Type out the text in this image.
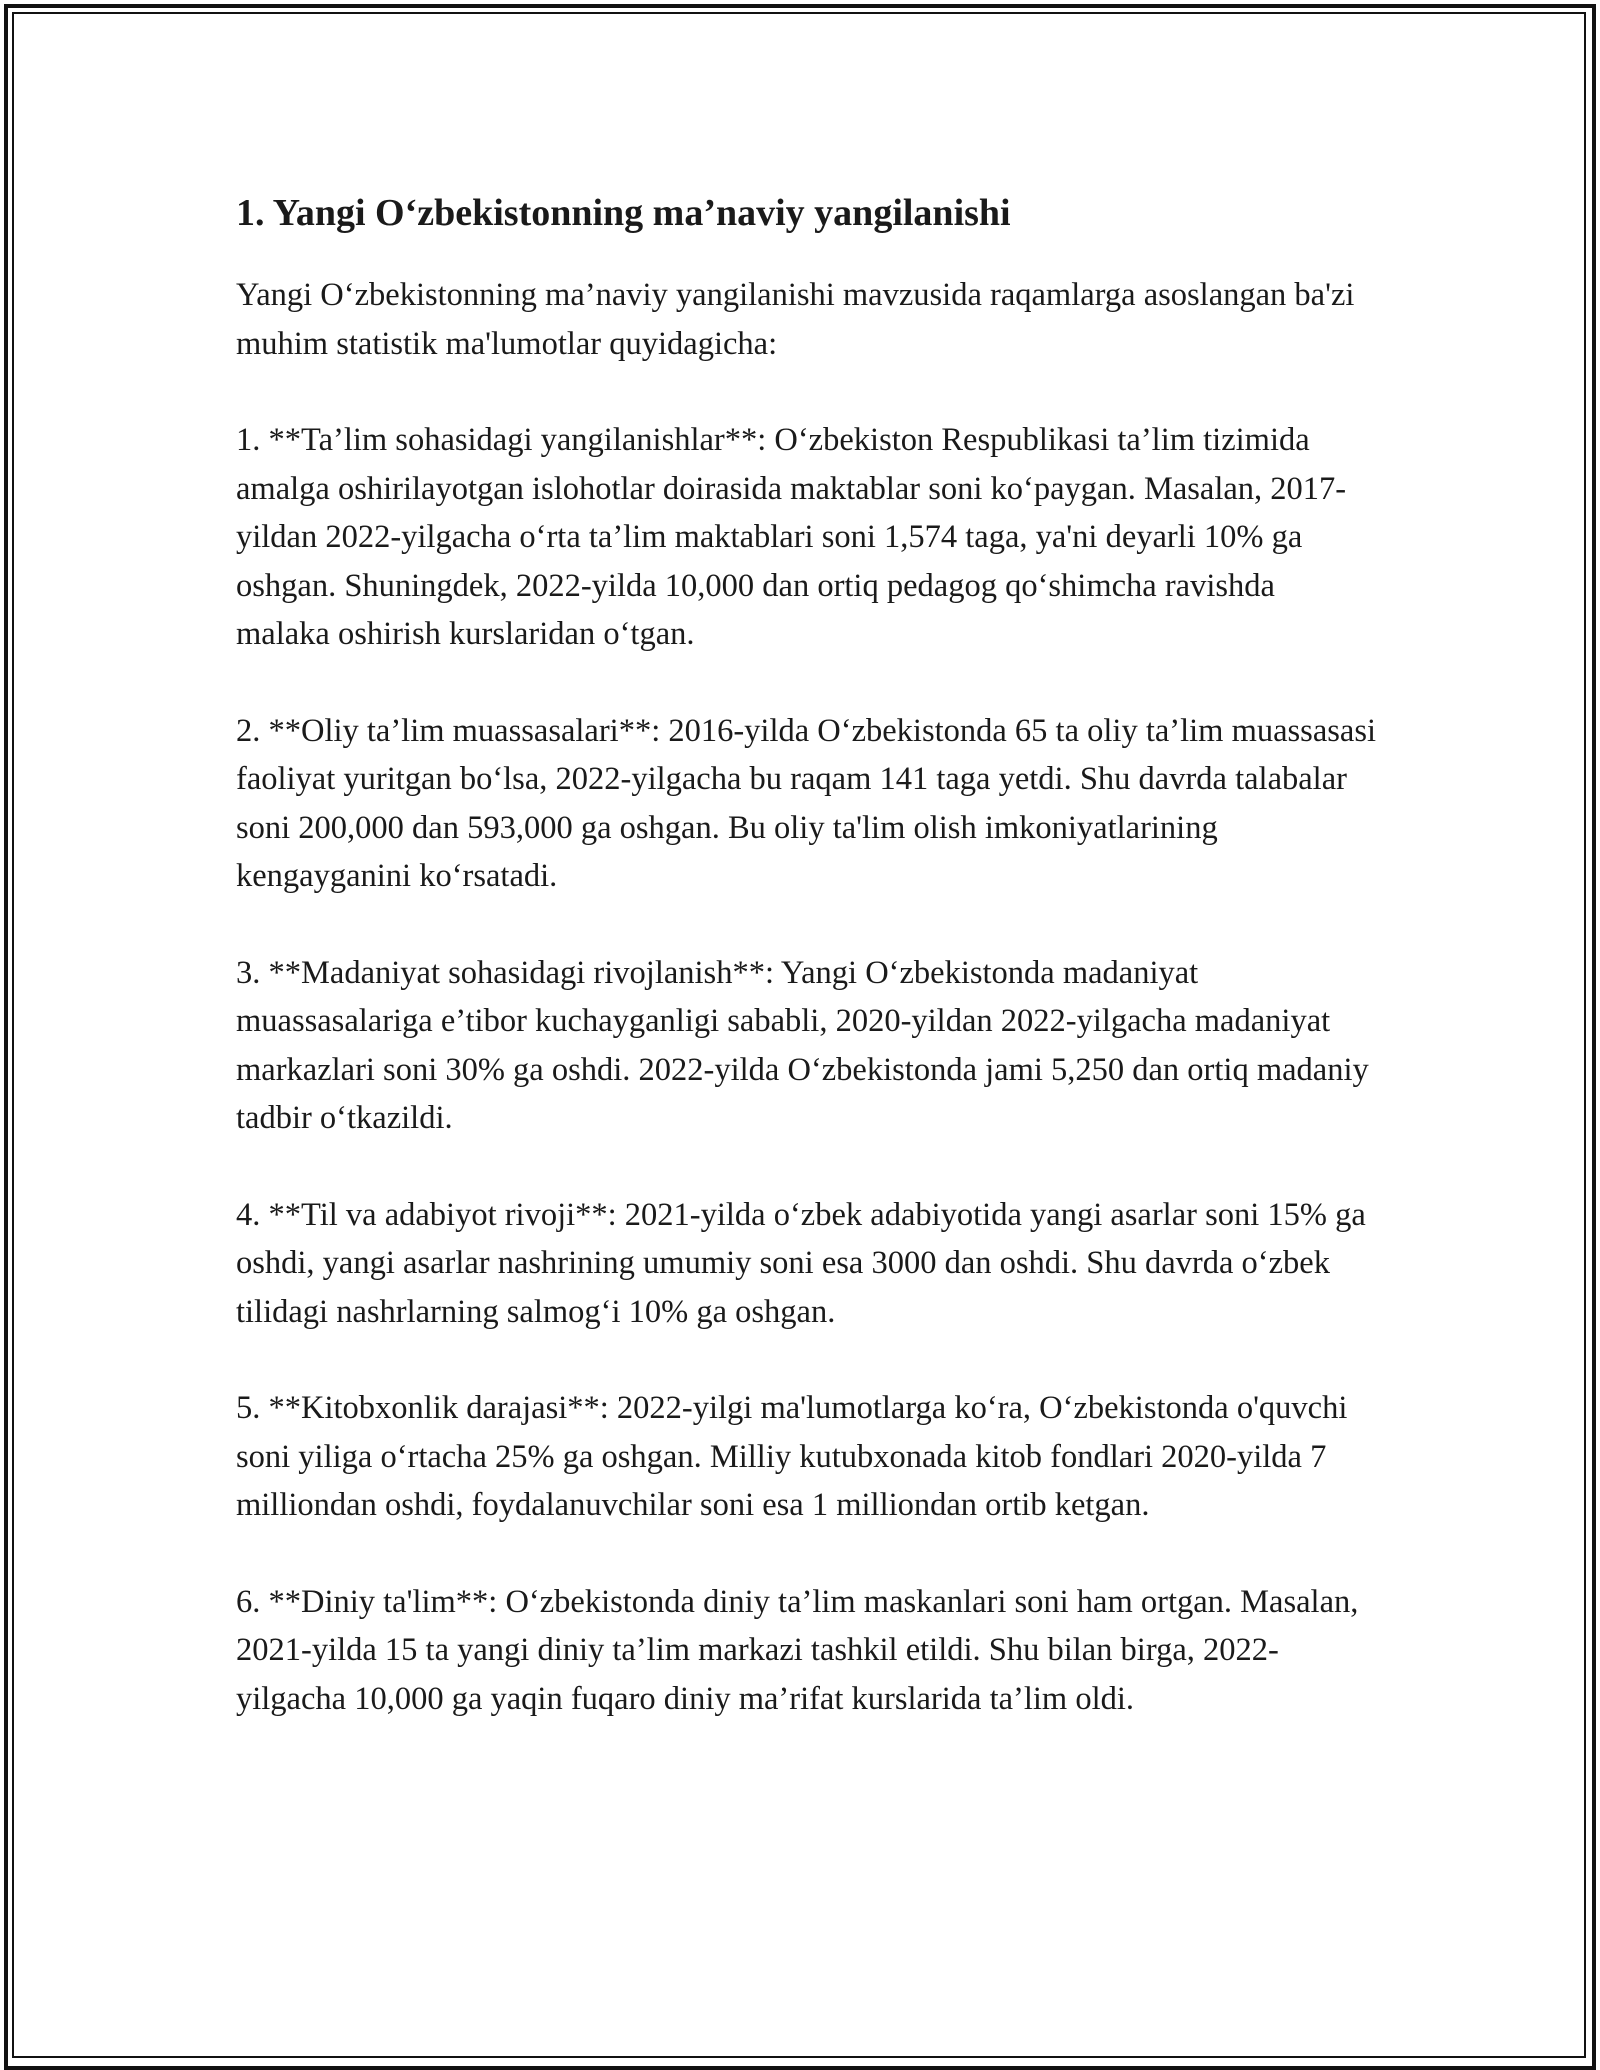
1. Yangi O‘zbekistonning ma’naviy yangilanishi

Yangi O‘zbekistonning ma’naviy yangilanishi mavzusida raqamlarga asoslangan ba'zi muhim statistik ma'lumotlar quyidagicha:

1. **Ta’lim sohasidagi yangilanishlar**: O‘zbekiston Respublikasi ta’lim tizimida amalga oshirilayotgan islohotlar doirasida maktablar soni ko‘paygan. Masalan, 2017-yildan 2022-yilgacha o‘rta ta’lim maktablari soni 1,574 taga, ya'ni deyarli 10% ga oshgan. Shuningdek, 2022-yilda 10,000 dan ortiq pedagog qo‘shimcha ravishda malaka oshirish kurslaridan o‘tgan.

2. **Oliy ta’lim muassasalari**: 2016-yilda O‘zbekistonda 65 ta oliy ta’lim muassasasi faoliyat yuritgan bo‘lsa, 2022-yilgacha bu raqam 141 taga yetdi. Shu davrda talabalar soni 200,000 dan 593,000 ga oshgan. Bu oliy ta'lim olish imkoniyatlarining kengayganini ko‘rsatadi.

3. **Madaniyat sohasidagi rivojlanish**: Yangi O‘zbekistonda madaniyat muassasalariga e’tibor kuchayganligi sababli, 2020-yildan 2022-yilgacha madaniyat markazlari soni 30% ga oshdi. 2022-yilda O‘zbekistonda jami 5,250 dan ortiq madaniy tadbir o‘tkazildi.

4. **Til va adabiyot rivoji**: 2021-yilda o‘zbek adabiyotida yangi asarlar soni 15% ga oshdi, yangi asarlar nashrining umumiy soni esa 3000 dan oshdi. Shu davrda o‘zbek tilidagi nashrlarning salmog‘i 10% ga oshgan.

5. **Kitobxonlik darajasi**: 2022-yilgi ma'lumotlarga ko‘ra, O‘zbekistonda o'quvchi soni yiliga o‘rtacha 25% ga oshgan. Milliy kutubxonada kitob fondlari 2020-yilda 7 milliondan oshdi, foydalanuvchilar soni esa 1 milliondan ortib ketgan.

6. **Diniy ta'lim**: O‘zbekistonda diniy ta’lim maskanlari soni ham ortgan. Masalan, 2021-yilda 15 ta yangi diniy ta’lim markazi tashkil etildi. Shu bilan birga, 2022-yilgacha 10,000 ga yaqin fuqaro diniy ma’rifat kurslarida ta’lim oldi.
